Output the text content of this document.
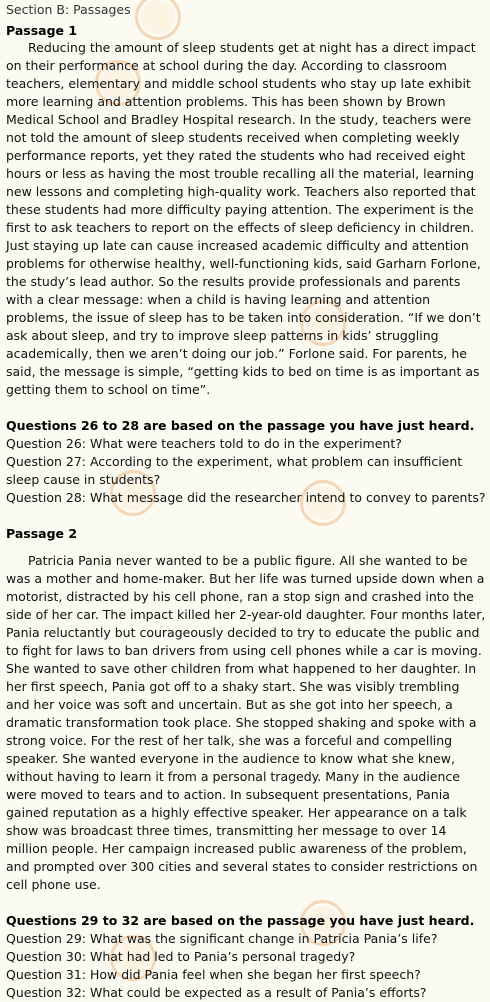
Section B: Passages
Passage 1

Reducing the amount of sleep students get at night has a direct impact on their performance at school during the day. According to classroom teachers, elementary and middle school students who stay up late exhibit more learning and attention problems. This has been shown by Brown Medical School and Bradley Hospital research. In the study, teachers were not told the amount of sleep students received when completing weekly performance reports, yet they rated the students who had received eight hours or less as having the most trouble recalling all the material, learning new lessons and completing high-quality work. Teachers also reported that these students had more difficulty paying attention. The experiment is the first to ask teachers to report on the effects of sleep deficiency in children. Just staying up late can cause increased academic difficulty and attention problems for otherwise healthy, well-functioning kids, said Garharn Forlone, the study’s lead author. So the results provide professionals and parents with a clear message: when a child is having learning and attention problems, the issue of sleep has to be taken into consideration. “If we don’t ask about sleep, and try to improve sleep patterns in kids’ struggling academically, then we aren’t doing our job.” Forlone said. For parents, he said, the message is simple, “getting kids to bed on time is as important as getting them to school on time”.

Questions 26 to 28 are based on the passage you have just heard.

Question 26: What were teachers told to do in the experiment?

Question 27: According to the experiment, what problem can insufficient sleep cause in students?

Question 28: What message did the researcher intend to convey to parents?

Passage 2

Patricia Pania never wanted to be a public figure. All she wanted to be was a mother and home-maker. But her life was turned upside down when a motorist, distracted by his cell phone, ran a stop sign and crashed into the side of her car. The impact killed her 2-year-old daughter. Four months later, Pania reluctantly but courageously decided to try to educate the public and to fight for laws to ban drivers from using cell phones while a car is moving. She wanted to save other children from what happened to her daughter. In her first speech, Pania got off to a shaky start. She was visibly trembling and her voice was soft and uncertain. But as she got into her speech, a dramatic transformation took place. She stopped shaking and spoke with a strong voice. For the rest of her talk, she was a forceful and compelling speaker. She wanted everyone in the audience to know what she knew, without having to learn it from a personal tragedy. Many in the audience were moved to tears and to action. In subsequent presentations, Pania gained reputation as a highly effective speaker. Her appearance on a talk show was broadcast three times, transmitting her message to over 14 million people. Her campaign increased public awareness of the problem, and prompted over 300 cities and several states to consider restrictions on cell phone use.

Questions 29 to 32 are based on the passage you have just heard.

Question 29: What was the significant change in Patricia Pania’s life?

Question 30: What had led to Pania’s personal tragedy?

Question 31: How did Pania feel when she began her first speech?

Question 32: What could be expected as a result of Pania’s efforts?
